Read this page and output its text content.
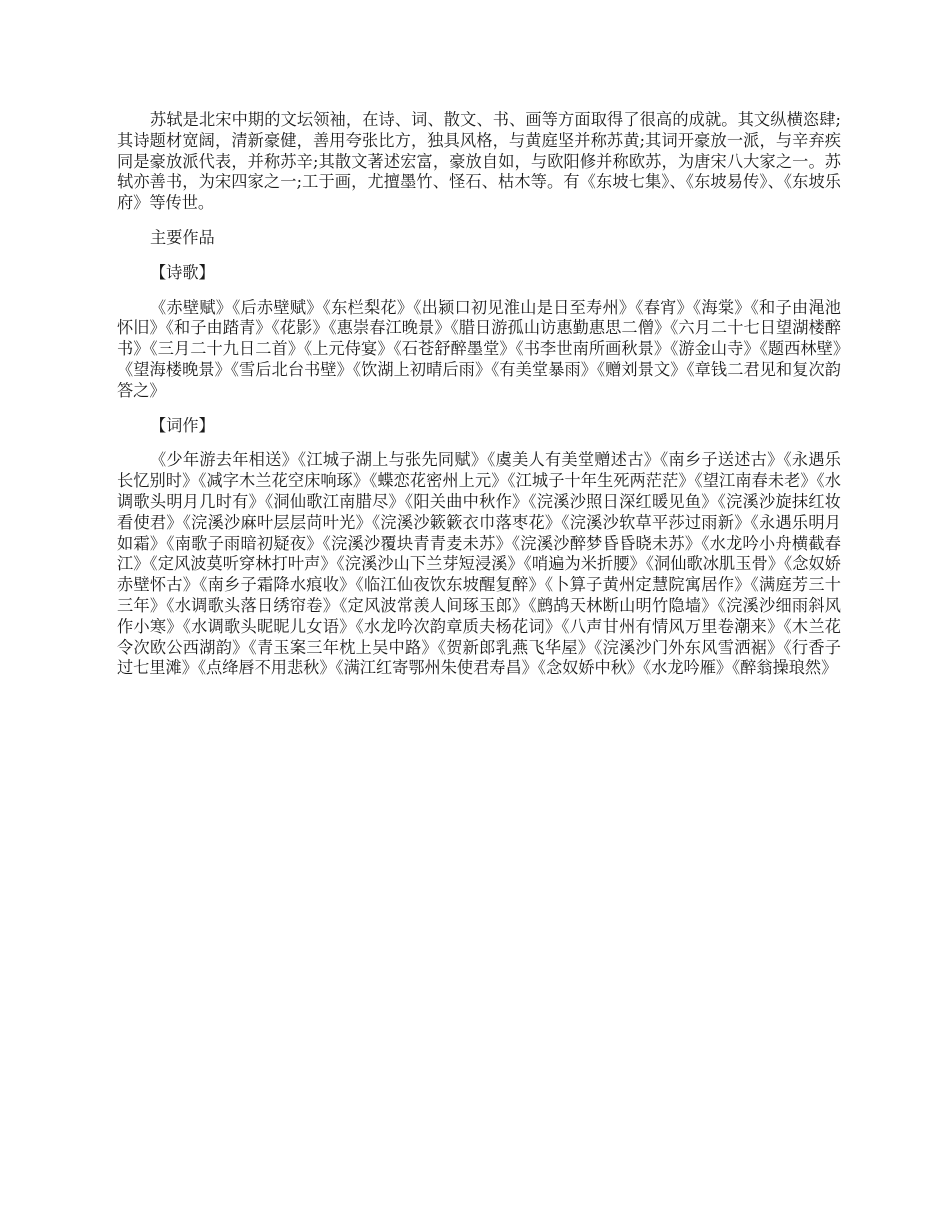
苏轼是北宋中期的文坛领袖，在诗、词、散文、书、画等方面取得了很高的成就。其文纵横恣肆;其诗题材宽阔，清新豪健，善用夸张比方，独具风格，与黄庭坚并称苏黄;其词开豪放一派，与辛弃疾同是豪放派代表，并称苏辛;其散文著述宏富，豪放自如，与欧阳修并称欧苏，为唐宋八大家之一。苏轼亦善书，为宋四家之一;工于画，尤擅墨竹、怪石、枯木等。有《东坡七集》、《东坡易传》、《东坡乐府》等传世。

主要作品

【诗歌】

《赤壁赋》《后赤壁赋》《东栏梨花》《出颍口初见淮山是日至寿州》《春宵》《海棠》《和子由渑池怀旧》《和子由踏青》《花影》《惠崇春江晚景》《腊日游孤山访惠勤惠思二僧》《六月二十七日望湖楼醉书》《三月二十九日二首》《上元侍宴》《石苍舒醉墨堂》《书李世南所画秋景》《游金山寺》《题西林壁》《望海楼晚景》《雪后北台书壁》《饮湖上初晴后雨》《有美堂暴雨》《赠刘景文》《章钱二君见和复次韵答之》

【词作】

《少年游去年相送》《江城子湖上与张先同赋》《虞美人有美堂赠述古》《南乡子送述古》《永遇乐长忆别时》《减字木兰花空床响琢》《蝶恋花密州上元》《江城子十年生死两茫茫》《望江南春未老》《水调歌头明月几时有》《洞仙歌江南腊尽》《阳关曲中秋作》《浣溪沙照日深红暖见鱼》《浣溪沙旋抹红妆看使君》《浣溪沙麻叶层层苘叶光》《浣溪沙簌簌衣巾落枣花》《浣溪沙软草平莎过雨新》《永遇乐明月如霜》《南歌子雨暗初疑夜》《浣溪沙覆块青青麦未苏》《浣溪沙醉梦昏昏晓未苏》《水龙吟小舟横截春江》《定风波莫听穿林打叶声》《浣溪沙山下兰芽短浸溪》《哨遍为米折腰》《洞仙歌冰肌玉骨》《念奴娇赤壁怀古》《南乡子霜降水痕收》《临江仙夜饮东坡醒复醉》《卜算子黄州定慧院寓居作》《满庭芳三十三年》《水调歌头落日绣帘卷》《定风波常羡人间琢玉郎》《鹧鸪天林断山明竹隐墙》《浣溪沙细雨斜风作小寒》《水调歌头昵昵儿女语》《水龙吟次韵章质夫杨花词》《八声甘州有情风万里卷潮来》《木兰花令次欧公西湖韵》《青玉案三年枕上吴中路》《贺新郎乳燕飞华屋》《浣溪沙门外东风雪洒裾》《行香子过七里滩》《点绛唇不用悲秋》《满江红寄鄂州朱使君寿昌》《念奴娇中秋》《水龙吟雁》《醉翁操琅然》
